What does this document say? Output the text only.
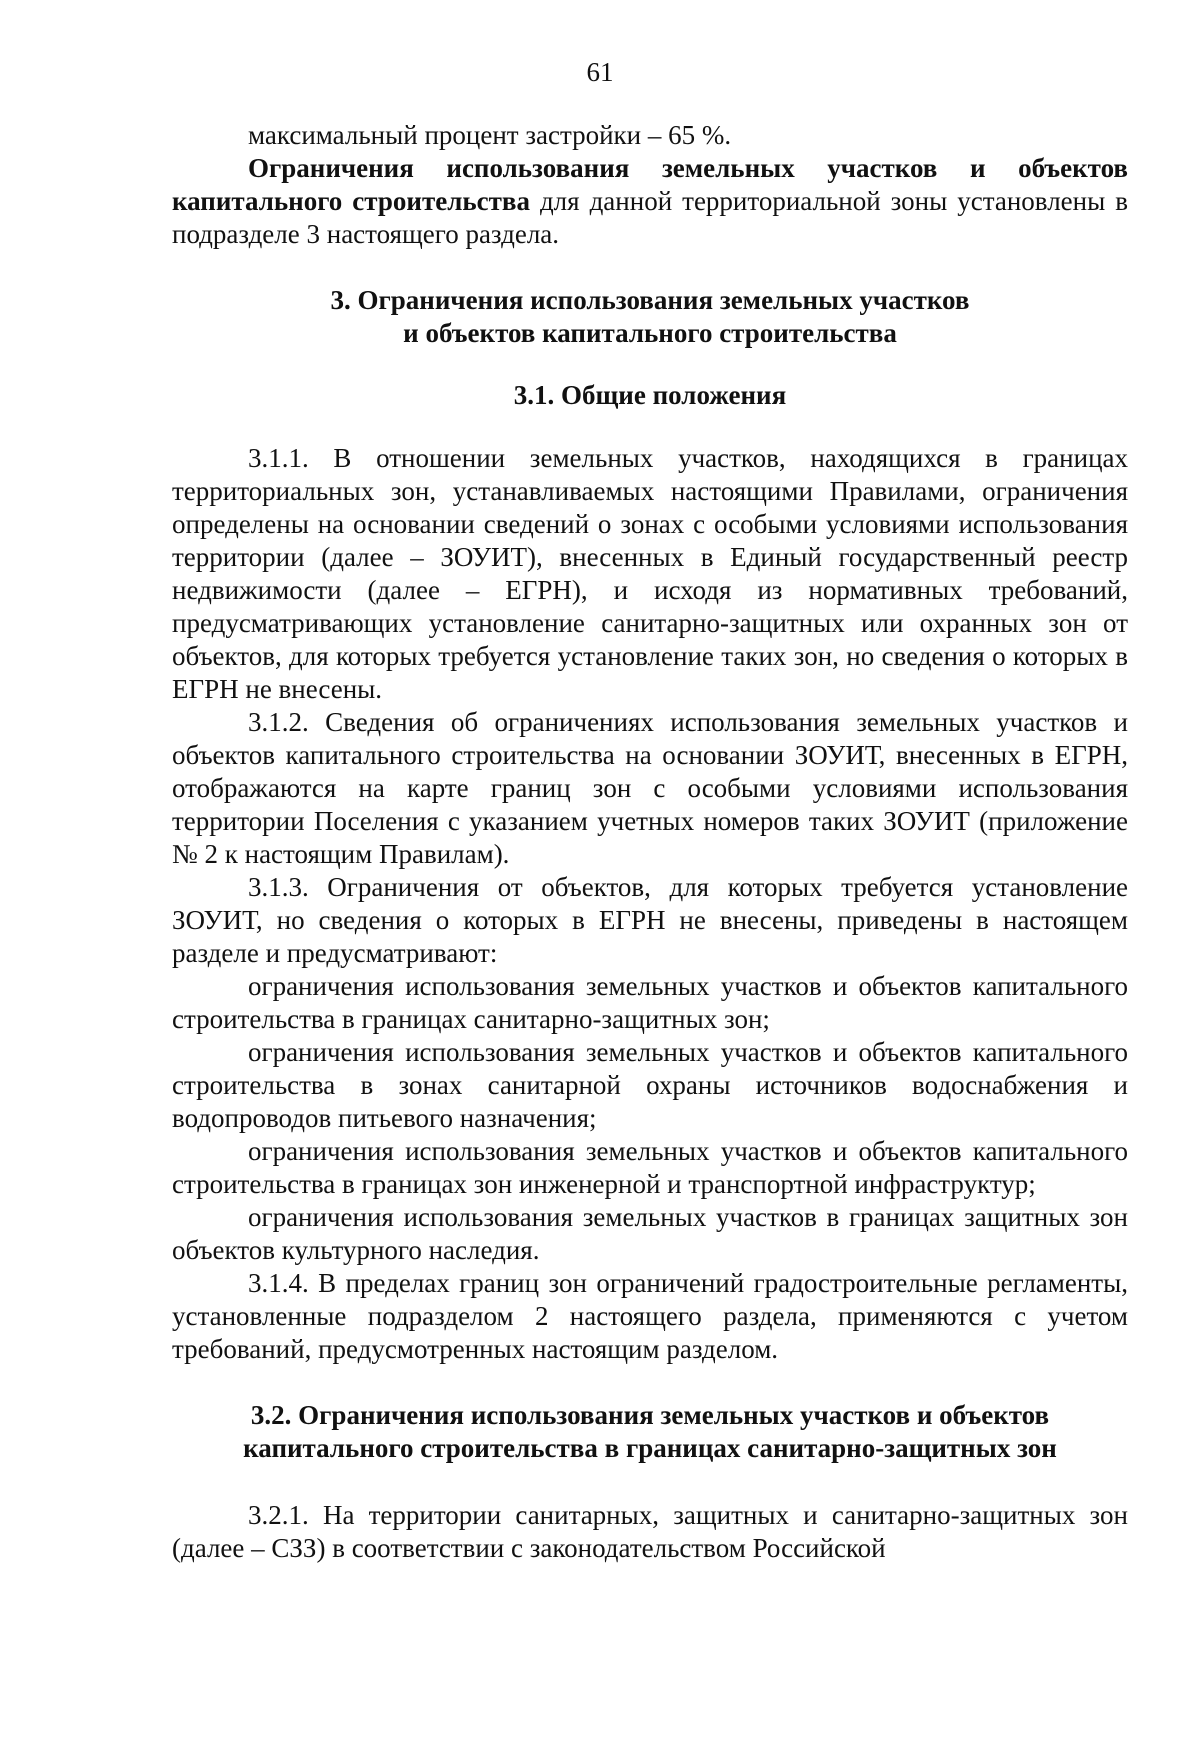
61

максимальный процент застройки – 65 %.

Ограничения использования земельных участков и объектов капитального строительства для данной территориальной зоны установлены в подразделе 3 настоящего раздела.

3. Ограничения использования земельных участков
и объектов капитального строительства
3.1. Общие положения

3.1.1. В отношении земельных участков, находящихся в границах территориальных зон, устанавливаемых настоящими Правилами, ограничения определены на основании сведений о зонах с особыми условиями использования территории (далее – ЗОУИТ), внесенных в Единый государственный реестр недвижимости (далее – ЕГРН), и исходя из нормативных требований, предусматривающих установление санитарно-защитных или охранных зон от объектов, для которых требуется установление таких зон, но сведения о которых в ЕГРН не внесены.

3.1.2. Сведения об ограничениях использования земельных участков и объектов капитального строительства на основании ЗОУИТ, внесенных в ЕГРН, отображаются на карте границ зон с особыми условиями использования территории Поселения с указанием учетных номеров таких ЗОУИТ (приложение № 2 к настоящим Правилам).

3.1.3. Ограничения от объектов, для которых требуется установление ЗОУИТ, но сведения о которых в ЕГРН не внесены, приведены в настоящем разделе и предусматривают:

ограничения использования земельных участков и объектов капитального строительства в границах санитарно-защитных зон;

ограничения использования земельных участков и объектов капитального строительства в зонах санитарной охраны источников водоснабжения и водопроводов питьевого назначения;

ограничения использования земельных участков и объектов капитального строительства в границах зон инженерной и транспортной инфраструктур;

ограничения использования земельных участков в границах защитных зон объектов культурного наследия.

3.1.4. В пределах границ зон ограничений градостроительные регламенты, установленные подразделом 2 настоящего раздела, применяются с учетом требований, предусмотренных настоящим разделом.

3.2. Ограничения использования земельных участков и объектов
капитального строительства в границах санитарно-защитных зон

3.2.1. На территории санитарных, защитных и санитарно-защитных зон (далее – СЗЗ) в соответствии с законодательством Российской
